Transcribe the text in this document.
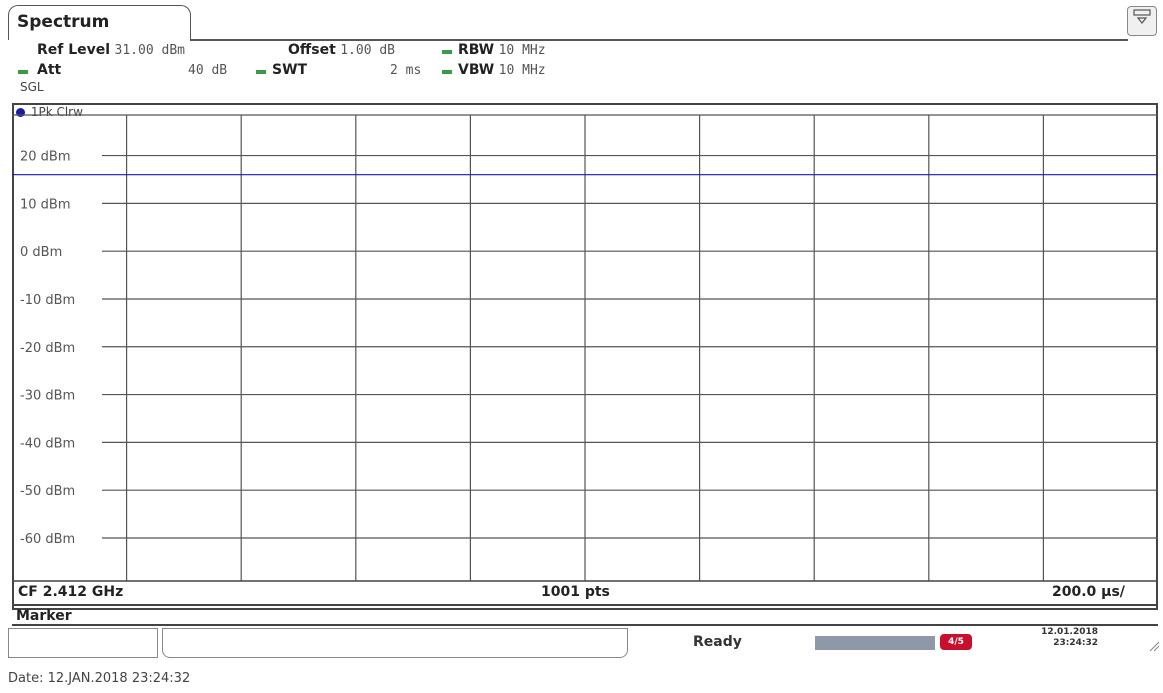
Spectrum
Ref Level 31.00 dBm	Offset 1.00 dB	RBW 10 MHz
Att	40 dB	SWT	2 ms	VBW 10 MHz
SGL
1Pk Clrw
20 dBm
10 dBm
0 dBm
-10 dBm
-20 dBm
-30 dBm
-40 dBm
-50 dBm
-60 dBm
CF 2.412 GHz	1001 pts	200.0 µs/
Marker
Ready	4/5
12.01.2018
23:24:32
Date: 12.JAN.2018 23:24:32
